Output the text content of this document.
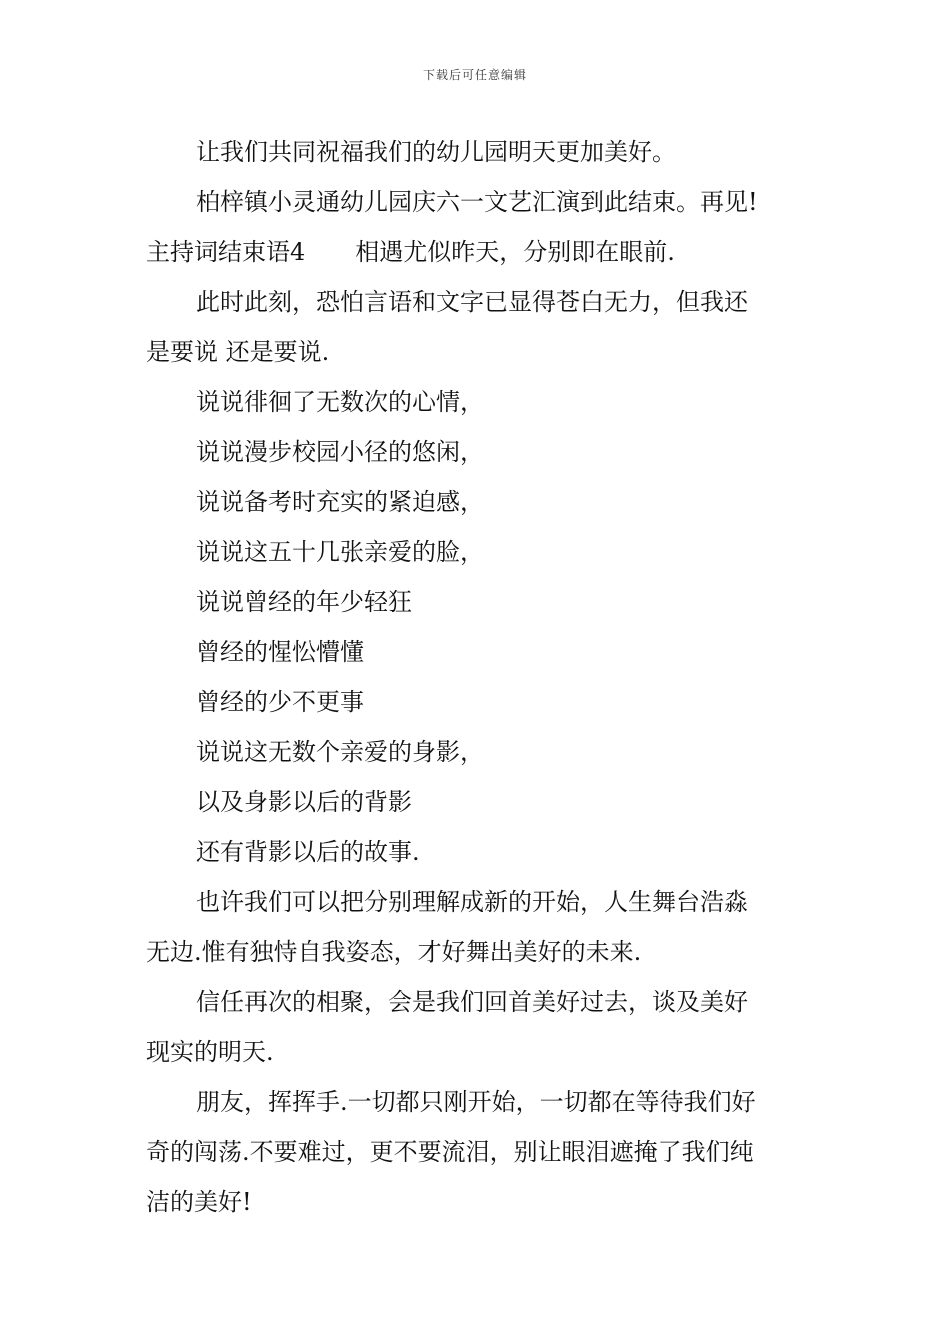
下载后可任意编辑

让我们共同祝福我们的幼儿园明天更加美好。

柏梓镇小灵通幼儿园庆六一文艺汇演到此结束。再见!

主持词结束语4 相遇尤似昨天，分别即在眼前.

此时此刻，恐怕言语和文字已显得苍白无力，但我还

是要说 还是要说.

说说徘徊了无数次的心情，

说说漫步校园小径的悠闲，

说说备考时充实的紧迫感，

说说这五十几张亲爱的脸，

说说曾经的年少轻狂

曾经的惺忪懵懂

曾经的少不更事

说说这无数个亲爱的身影，

以及身影以后的背影

还有背影以后的故事.

也许我们可以把分别理解成新的开始，人生舞台浩淼

无边.惟有独恃自我姿态，才好舞出美好的未来.

信任再次的相聚，会是我们回首美好过去，谈及美好

现实的明天.

朋友，挥挥手.一切都只刚开始，一切都在等待我们好

奇的闯荡.不要难过，更不要流泪，别让眼泪遮掩了我们纯

洁的美好!
